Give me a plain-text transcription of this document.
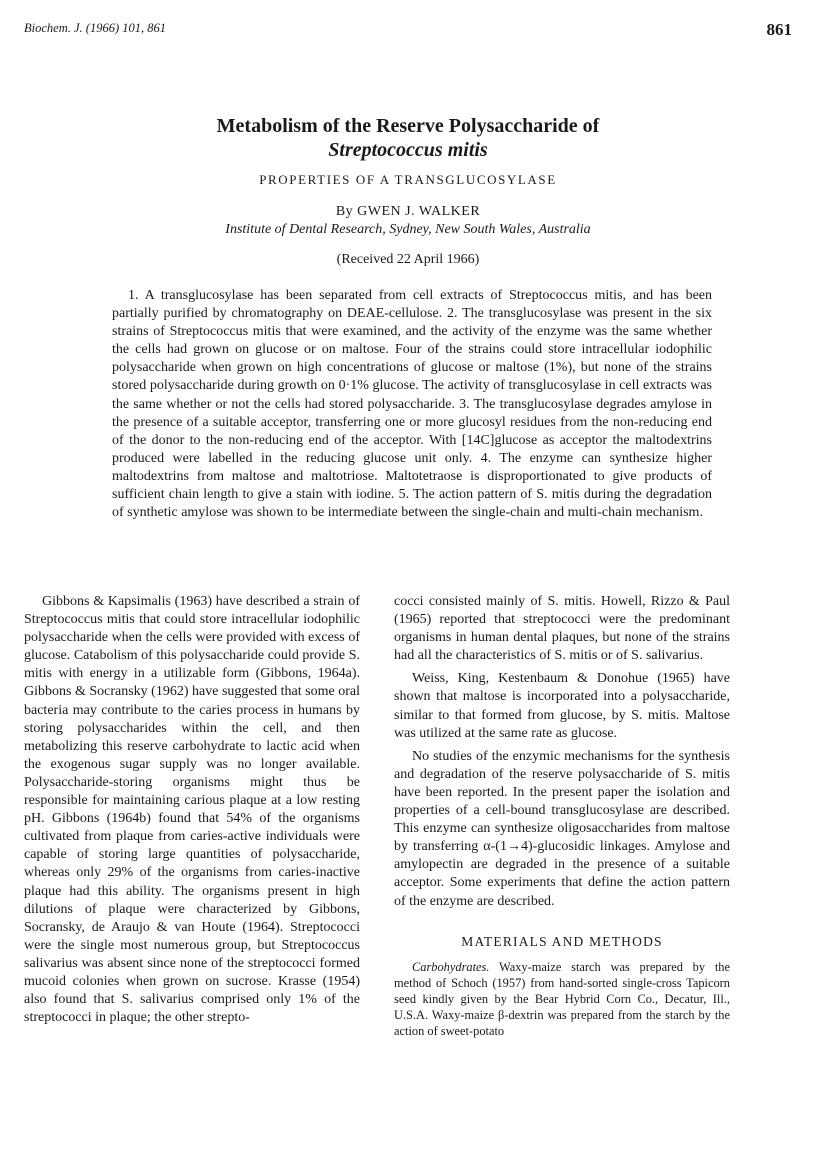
Biochem. J. (1966) 101, 861	861
Metabolism of the Reserve Polysaccharide of
Streptococcus mitis
PROPERTIES OF A TRANSGLUCOSYLASE
By GWEN J. WALKER
Institute of Dental Research, Sydney, New South Wales, Australia
(Received 22 April 1966)

1. A transglucosylase has been separated from cell extracts of Streptococcus mitis, and has been partially purified by chromatography on DEAE-cellulose. 2. The transglucosylase was present in the six strains of Streptococcus mitis that were examined, and the activity of the enzyme was the same whether the cells had grown on glucose or on maltose. Four of the strains could store intracellular iodophilic polysaccharide when grown on high concentrations of glucose or maltose (1%), but none of the strains stored polysaccharide during growth on 0·1% glucose. The activity of transglucosylase in cell extracts was the same whether or not the cells had stored polysaccharide. 3. The transglucosylase degrades amylose in the presence of a suitable acceptor, transferring one or more glucosyl residues from the non-reducing end of the donor to the non-reducing end of the acceptor. With [14C]glucose as acceptor the maltodextrins produced were labelled in the reducing glucose unit only. 4. The enzyme can synthesize higher maltodextrins from maltose and maltotriose. Maltotetraose is disproportionated to give products of sufficient chain length to give a stain with iodine. 5. The action pattern of S. mitis during the degradation of synthetic amylose was shown to be intermediate between the single-chain and multi-chain mechanism.

Gibbons & Kapsimalis (1963) have described a strain of Streptococcus mitis that could store intracellular iodophilic polysaccharide when the cells were provided with excess of glucose. Catabolism of this polysaccharide could provide S. mitis with energy in a utilizable form (Gibbons, 1964a). Gibbons & Socransky (1962) have suggested that some oral bacteria may contribute to the caries process in humans by storing polysaccharides within the cell, and then metabolizing this reserve carbohydrate to lactic acid when the exogenous sugar supply was no longer available. Polysaccharide-storing organisms might thus be responsible for maintaining carious plaque at a low resting pH. Gibbons (1964b) found that 54% of the organisms cultivated from plaque from caries-active individuals were capable of storing large quantities of polysaccharide, whereas only 29% of the organisms from caries-inactive plaque had this ability. The organisms present in high dilutions of plaque were characterized by Gibbons, Socransky, de Araujo & van Houte (1964). Streptococci were the single most numerous group, but Streptococcus salivarius was absent since none of the streptococci formed mucoid colonies when grown on sucrose. Krasse (1954) also found that S. salivarius comprised only 1% of the streptococci in plaque; the other strepto-

cocci consisted mainly of S. mitis. Howell, Rizzo & Paul (1965) reported that streptococci were the predominant organisms in human dental plaques, but none of the strains had all the characteristics of S. mitis or of S. salivarius.

Weiss, King, Kestenbaum & Donohue (1965) have shown that maltose is incorporated into a polysaccharide, similar to that formed from glucose, by S. mitis. Maltose was utilized at the same rate as glucose.

No studies of the enzymic mechanisms for the synthesis and degradation of the reserve polysaccharide of S. mitis have been reported. In the present paper the isolation and properties of a cell-bound transglucosylase are described. This enzyme can synthesize oligosaccharides from maltose by transferring α-(1→4)-glucosidic linkages. Amylose and amylopectin are degraded in the presence of a suitable acceptor. Some experiments that define the action pattern of the enzyme are described.

MATERIALS AND METHODS

Carbohydrates. Waxy-maize starch was prepared by the method of Schoch (1957) from hand-sorted single-cross Tapicorn seed kindly given by the Bear Hybrid Corn Co., Decatur, Ill., U.S.A. Waxy-maize β-dextrin was prepared from the starch by the action of sweet-potato
